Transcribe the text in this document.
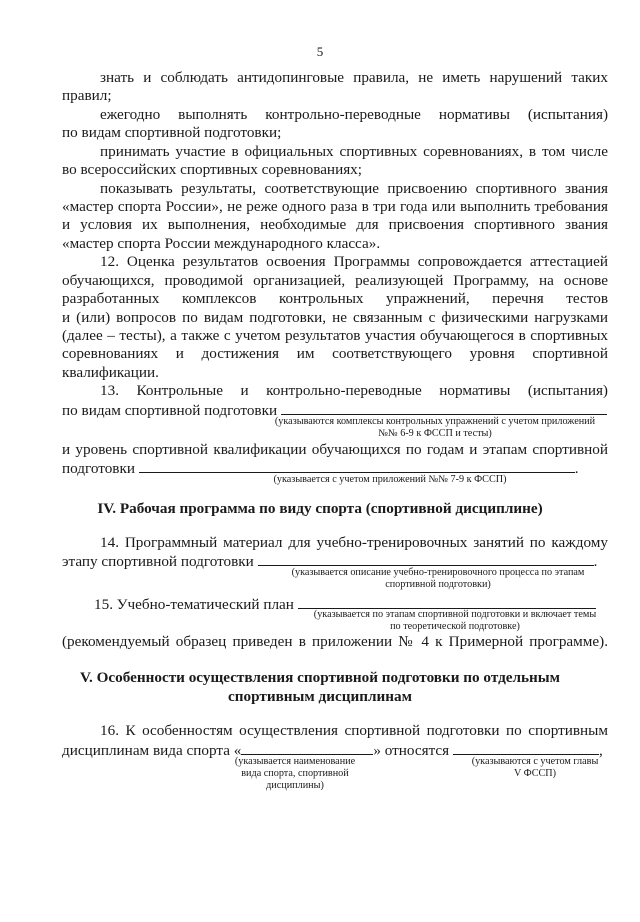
5
знать и соблюдать антидопинговые правила, не иметь нарушений таких
правил;
ежегодно выполнять контрольно-переводные нормативы (испытания)
по видам спортивной подготовки;
принимать участие в официальных спортивных соревнованиях, в том числе
во всероссийских спортивных соревнованиях;
показывать результаты, соответствующие присвоению спортивного звания
«мастер спорта России», не реже одного раза в три года или выполнить требования
и условия их выполнения, необходимые для присвоения спортивного звания
«мастер спорта России международного класса».
12. Оценка результатов освоения Программы сопровождается аттестацией
обучающихся, проводимой организацией, реализующей Программу, на основе
разработанных комплексов контрольных упражнений, перечня тестов
и (или) вопросов по видам подготовки, не связанным с физическими нагрузками
(далее – тесты), а также с учетом результатов участия обучающегося в спортивных
соревнованиях и достижения им соответствующего уровня спортивной
квалификации.
13. Контрольные и контрольно-переводные нормативы (испытания)
по видам спортивной подготовки
(указываются комплексы контрольных упражнений с учетом приложений
№№ 6-9 к ФССП и тесты)
и уровень спортивной квалификации обучающихся по годам и этапам спортивной
подготовки	.
(указывается с учетом приложений №№ 7-9 к ФССП)
IV. Рабочая программа по виду спорта (спортивной дисциплине)
14. Программный материал для учебно-тренировочных занятий по каждому
этапу спортивной подготовки	.
(указывается описание учебно-тренировочного процесса по этапам
спортивной подготовки)
15. Учебно-тематический план
(указывается по этапам спортивной подготовки и включает темы
по теоретической подготовке)
(рекомендуемый образец приведен в приложении № 4 к Примерной программе).
V. Особенности осуществления спортивной подготовки по отдельным
спортивным дисциплинам
16. К особенностям осуществления спортивной подготовки по спортивным
дисциплинам вида спорта «	» относятся	,
(указывается наименование
вида спорта, спортивной
дисциплины)
(указываются с учетом главы
V ФССП)
